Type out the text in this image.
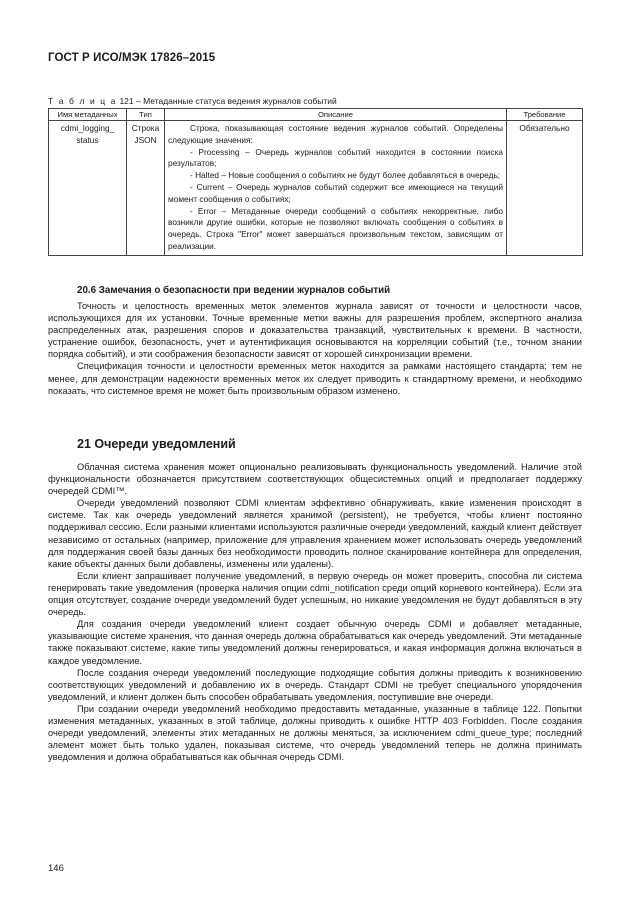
ГОСТ Р ИСО/МЭК 17826–2015
Т а б л и ц а 121 – Метаданные статуса ведения журналов событий
Имя метаданных	Тип	Описание	Требование
cdmi_logging_ status	Строка JSON	Строка, показывающая состояние ведения журналов событий. Определены следующие значения:
- Processing – Очередь журналов событий находится в состоянии поиска результатов;
- Halted – Новые сообщения о событиях не будут более добавляться в очередь;
- Current – Очередь журналов событий содержит все имеющиеся на текущий момент сообщения о событиях;
- Error – Метаданные очереди сообщений о событиях некорректные, либо возникли другие ошибки, которые не позволяют включать сообщения о событиях в очередь. Строка "Error" может завершаться произвольным текстом, зависящим от реализации.	Обязательно
20.6 Замечания о безопасности при ведении журналов событий

Точность и целостность временных меток элементов журнала зависят от точности и целостности часов, использующихся для их установки. Точные временные метки важны для разрешения проблем, экспертного анализа распределенных атак, разрешения споров и доказательства транзакций, чувствительных к времени. В частности, устранение ошибок, безопасность, учет и аутентификация основываются на корреляции событий (т.е., точном знании порядка событий), и эти соображения безопасности зависят от хорошей синхронизации времени.

Спецификация точности и целостности временных меток находится за рамками настоящего стандарта; тем не менее, для демонстрации надежности временных меток их следует приводить к стандартному времени, и необходимо показать, что системное время не может быть произвольным образом изменено.

21 Очереди уведомлений

Облачная система хранения может опционально реализовывать функциональность уведомлений. Наличие этой функциональности обозначается присутствием соответствующих общесистемных опций и предполагает поддержку очередей CDMI™.

Очереди уведомлений позволяют CDMI клиентам эффективно обнаруживать, какие изменения происходят в системе. Так как очередь уведомлений является хранимой (persistent), не требуется, чтобы клиент постоянно поддерживал сессию. Если разными клиентами используются различные очереди уведомлений, каждый клиент действует независимо от остальных (например, приложение для управления хранением может использовать очередь уведомлений для поддержания своей базы данных без необходимости проводить полное сканирование контейнера для определения, какие объекты данных были добавлены, изменены или удалены).

Если клиент запрашивает получение уведомлений, в первую очередь он может проверить, способна ли система генерировать такие уведомления (проверка наличия опции cdmi_notification среди опций корневого контейнера). Если эта опция отсутствует, создание очереди уведомлений будет успешным, но никакие уведомления не будут добавляться в эту очередь.

Для создания очереди уведомлений клиент создает обычную очередь CDMI и добавляет метаданные, указывающие системе хранения, что данная очередь должна обрабатываться как очередь уведомлений. Эти метаданные также показывают системе, какие типы уведомлений должны генерироваться, и какая информация должна включаться в каждое уведомление.

После создания очереди уведомлений последующие подходящие события должны приводить к возникновению соответствующих уведомлений и добавлению их в очередь. Стандарт CDMI не требует специального упорядочения уведомлений, и клиент должен быть способен обрабатывать уведомления, поступившие вне очереди.

При создании очереди уведомлений необходимо предоставить метаданные, указанные в таблице 122. Попытки изменения метаданных, указанных в этой таблице, должны приводить к ошибке HTTP 403 Forbidden. После создания очереди уведомлений, элементы этих метаданных не должны меняться, за исключением cdmi_queue_type; последний элемент может быть только удален, показывая системе, что очередь уведомлений теперь не должна принимать уведомления и должна обрабатываться как обычная очередь CDMI.

146
